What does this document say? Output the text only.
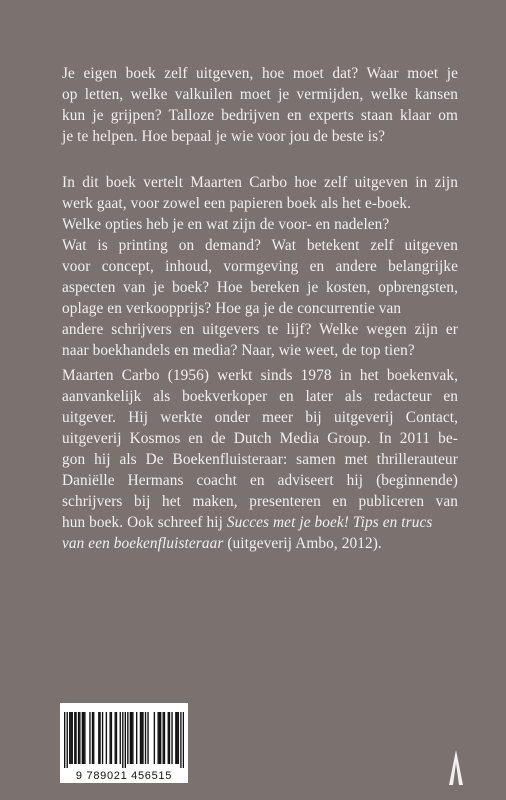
Je eigen boek zelf uitgeven, hoe moet dat? Waar moet je
op letten, welke valkuilen moet je vermijden, welke kansen
kun je grijpen? Talloze bedrijven en experts staan klaar om
je te helpen. Hoe bepaal je wie voor jou de beste is?
In dit boek vertelt Maarten Carbo hoe zelf uitgeven in zijn
werk gaat, voor zowel een papieren boek als het e-boek.
Welke opties heb je en wat zijn de voor- en nadelen?
Wat is printing on demand? Wat betekent zelf uitgeven
voor concept, inhoud, vormgeving en andere belangrijke
aspecten van je boek? Hoe bereken je kosten, opbrengsten,
oplage en verkoopprijs? Hoe ga je de concurrentie van
andere schrijvers en uitgevers te lijf? Welke wegen zijn er
naar boekhandels en media? Naar, wie weet, de top tien?
Maarten Carbo (1956) werkt sinds 1978 in het boekenvak,
aanvankelijk als boekverkoper en later als redacteur en
uitgever. Hij werkte onder meer bij uitgeverij Contact,
uitgeverij Kosmos en de Dutch Media Group. In 2011 be-
gon hij als De Boekenfluisteraar: samen met thrillerauteur
Daniëlle Hermans coacht en adviseert hij (beginnende)
schrijvers bij het maken, presenteren en publiceren van
hun boek. Ook schreef hij Succes met je boek! Tips en trucs
van een boekenfluisteraar (uitgeverij Ambo, 2012).
9 789021 456515
